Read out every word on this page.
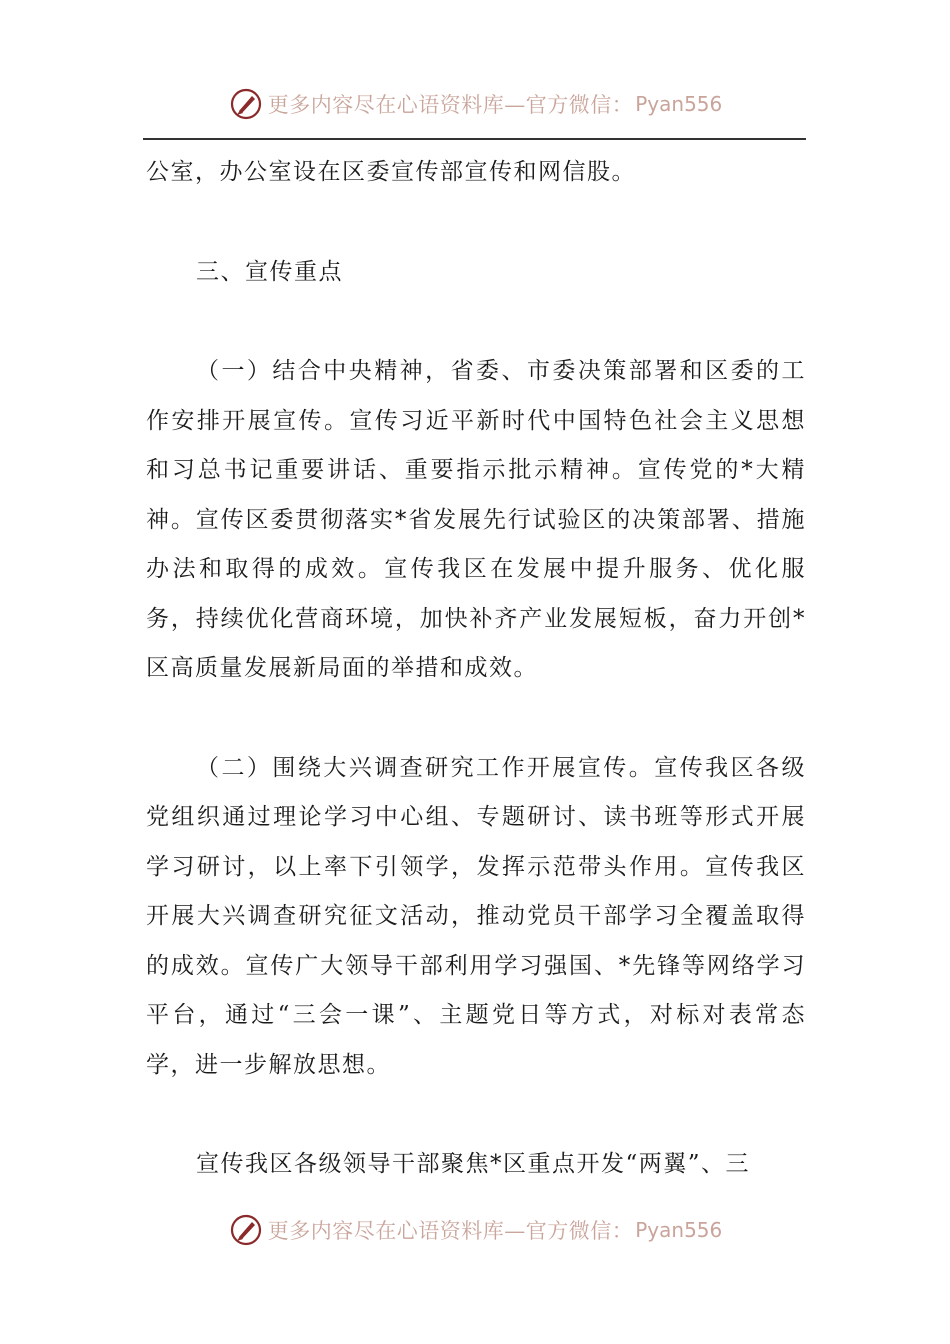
更多内容尽在心语资料库—官方微信： Pyan556

公室，办公室设在区委宣传部宣传和网信股。

三、宣传重点

（一）结合中央精神，省委、市委决策部署和区委的工作安排开展宣传。宣传习近平新时代中国特色社会主义思想和习总书记重要讲话、重要指示批示精神。宣传党的*大精神。宣传区委贯彻落实*省发展先行试验区的决策部署、措施办法和取得的成效。宣传我区在发展中提升服务、优化服务，持续优化营商环境，加快补齐产业发展短板，奋力开创*区高质量发展新局面的举措和成效。

（二）围绕大兴调查研究工作开展宣传。宣传我区各级党组织通过理论学习中心组、专题研讨、读书班等形式开展学习研讨，以上率下引领学，发挥示范带头作用。宣传我区开展大兴调查研究征文活动，推动党员干部学习全覆盖取得的成效。宣传广大领导干部利用学习强国、*先锋等网络学习平台，通过“三会一课”、主题党日等方式，对标对表常态学，进一步解放思想。

宣传我区各级领导干部聚焦*区重点开发“两翼”、三

更多内容尽在心语资料库—官方微信： Pyan556
